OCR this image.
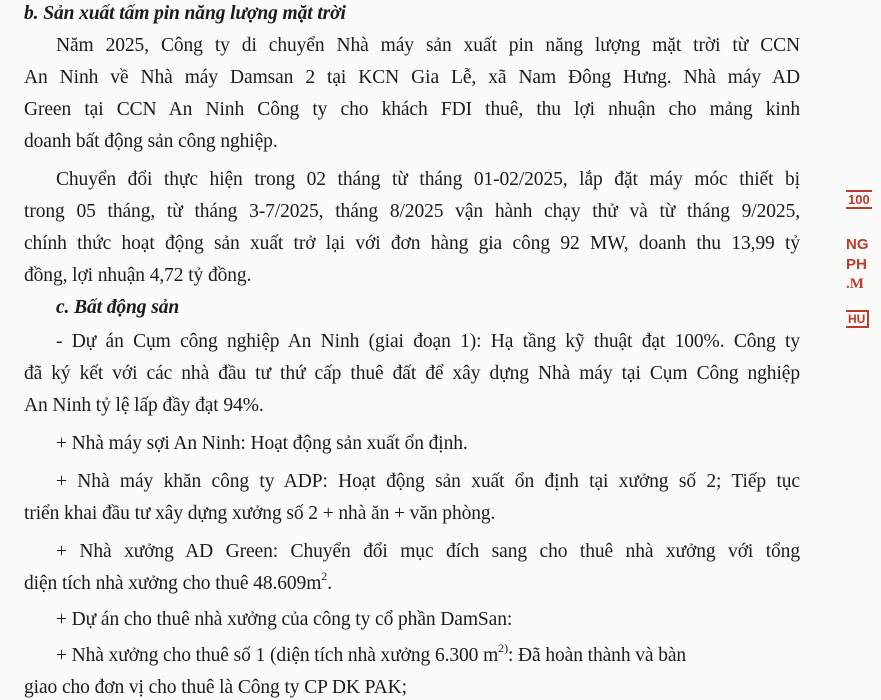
b. Sản xuất tấm pin năng lượng mặt trời
Năm 2025, Công ty di chuyển Nhà máy sản xuất pin năng lượng mặt trời từ CCN
An Ninh về Nhà máy Damsan 2 tại KCN Gia Lễ, xã Nam Đông Hưng. Nhà máy AD
Green tại CCN An Ninh Công ty cho khách FDI thuê, thu lợi nhuận cho mảng kinh
doanh bất động sản công nghiệp.
Chuyển đổi thực hiện trong 02 tháng từ tháng 01-02/2025, lắp đặt máy móc thiết bị
trong 05 tháng, từ tháng 3-7/2025, tháng 8/2025 vận hành chạy thử và từ tháng 9/2025,
chính thức hoạt động sản xuất trở lại với đơn hàng gia công 92 MW, doanh thu 13,99 tỷ
đồng, lợi nhuận 4,72 tỷ đồng.
c. Bất động sản
- Dự án Cụm công nghiệp An Ninh (giai đoạn 1): Hạ tầng kỹ thuật đạt 100%. Công ty
đã ký kết với các nhà đầu tư thứ cấp thuê đất để xây dựng Nhà máy tại Cụm Công nghiệp
An Ninh tỷ lệ lấp đầy đạt 94%.
+ Nhà máy sợi An Ninh: Hoạt động sản xuất ổn định.
+ Nhà máy khăn công ty ADP: Hoạt động sản xuất ổn định tại xưởng số 2; Tiếp tục
triển khai đầu tư xây dựng xưởng số 2 + nhà ăn + văn phòng.
+ Nhà xưởng AD Green: Chuyển đổi mục đích sang cho thuê nhà xưởng với tổng
diện tích nhà xưởng cho thuê $48.609m^2$.
+ Dự án cho thuê nhà xưởng của công ty cổ phần DamSan:
+ Nhà xưởng cho thuê số 1 (diện tích nhà xưởng 6.300 $m^{2)}$: Đã hoàn thành và bàn
giao cho đơn vị cho thuê là Công ty CP DK PAK;
100
NG
PH
.M
HU
